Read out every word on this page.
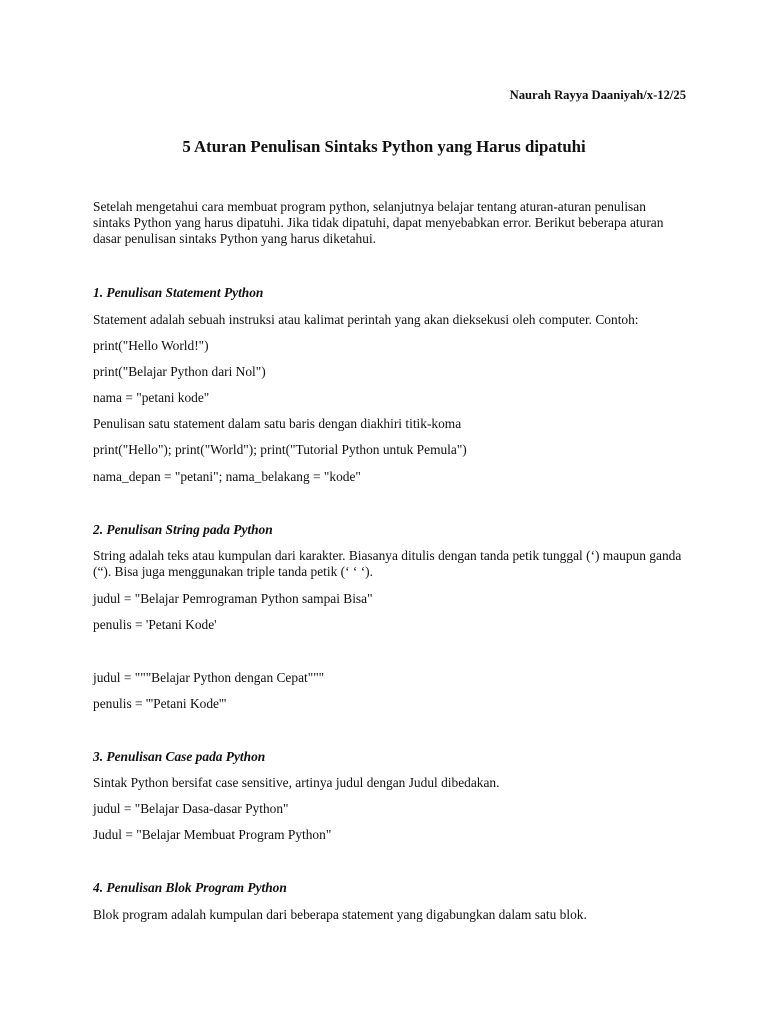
Naurah Rayya Daaniyah/x-12/25
5 Aturan Penulisan Sintaks Python yang Harus dipatuhi

Setelah mengetahui cara membuat program python, selanjutnya belajar tentang aturan-aturan penulisan sintaks Python yang harus dipatuhi. Jika tidak dipatuhi, dapat menyebabkan error. Berikut beberapa aturan dasar penulisan sintaks Python yang harus diketahui.

1. Penulisan Statement Python

Statement adalah sebuah instruksi atau kalimat perintah yang akan dieksekusi oleh computer. Contoh:

print("Hello World!")

print("Belajar Python dari Nol")

nama = "petani kode"

Penulisan satu statement dalam satu baris dengan diakhiri titik-koma

print("Hello"); print("World"); print("Tutorial Python untuk Pemula")

nama_depan = "petani"; nama_belakang = "kode"

2. Penulisan String pada Python

String adalah teks atau kumpulan dari karakter. Biasanya ditulis dengan tanda petik tunggal (‘) maupun ganda (“). Bisa juga menggunakan triple tanda petik (‘ ‘ ‘).

judul = "Belajar Pemrograman Python sampai Bisa"

penulis = 'Petani Kode'

judul = """Belajar Python dengan Cepat"""

penulis = '''Petani Kode'''

3. Penulisan Case pada Python

Sintak Python bersifat case sensitive, artinya judul dengan Judul dibedakan.

judul = "Belajar Dasa-dasar Python"

Judul = "Belajar Membuat Program Python"

4. Penulisan Blok Program Python

Blok program adalah kumpulan dari beberapa statement yang digabungkan dalam satu blok.
